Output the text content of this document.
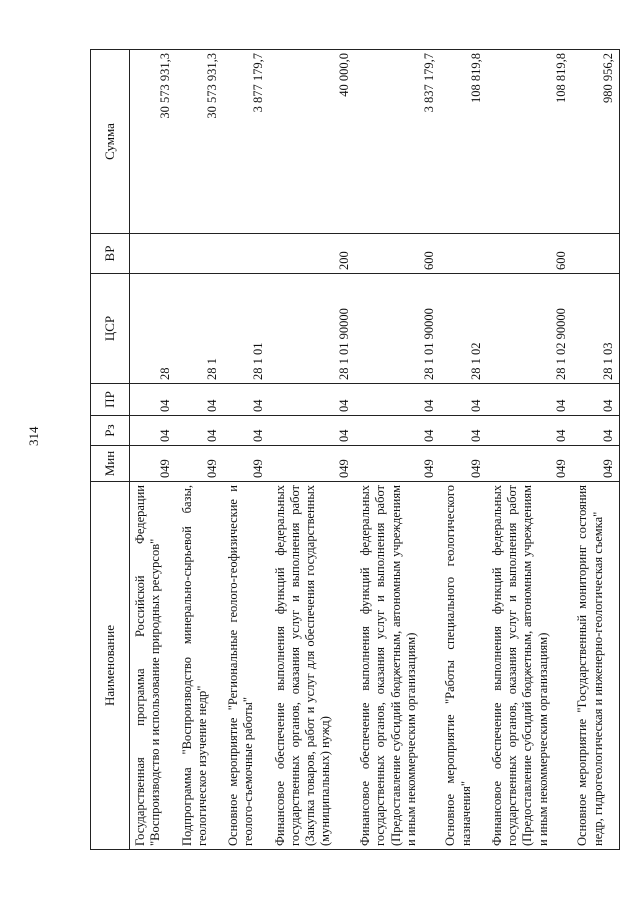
314
Наименование	Мин	Рз	ПР	ЦСР	ВР	Сумма
Государственная программа Российской Федерации "Воспроизводство и использование природных ресурсов"	049	04	04	28		30 573 931,3
Подпрограмма "Воспроизводство минерально-сырьевой базы, геологическое изучение недр"	049	04	04	28 1		30 573 931,3
Основное мероприятие "Региональные геолого-геофизические и геолого-съемочные работы"	049	04	04	28 1 01		3 877 179,7
Финансовое обеспечение выполнения функций федеральных государственных органов, оказания услуг и выполнения работ (Закупка товаров, работ и услуг для обеспечения государственных (муниципальных) нужд)	049	04	04	28 1 01 90000	200	40 000,0
Финансовое обеспечение выполнения функций федеральных государственных органов, оказания услуг и выполнения работ (Предоставление субсидий бюджетным, автономным учреждениям и иным некоммерческим организациям)	049	04	04	28 1 01 90000	600	3 837 179,7
Основное мероприятие "Работы специального геологического назначения"	049	04	04	28 1 02		108 819,8
Финансовое обеспечение выполнения функций федеральных государственных органов, оказания услуг и выполнения работ (Предоставление субсидий бюджетным, автономным учреждениям и иным некоммерческим организациям)	049	04	04	28 1 02 90000	600	108 819,8
Основное мероприятие "Государственный мониторинг состояния недр, гидрогеологическая и инженерно-геологическая съемка"	049	04	04	28 1 03		980 956,2
